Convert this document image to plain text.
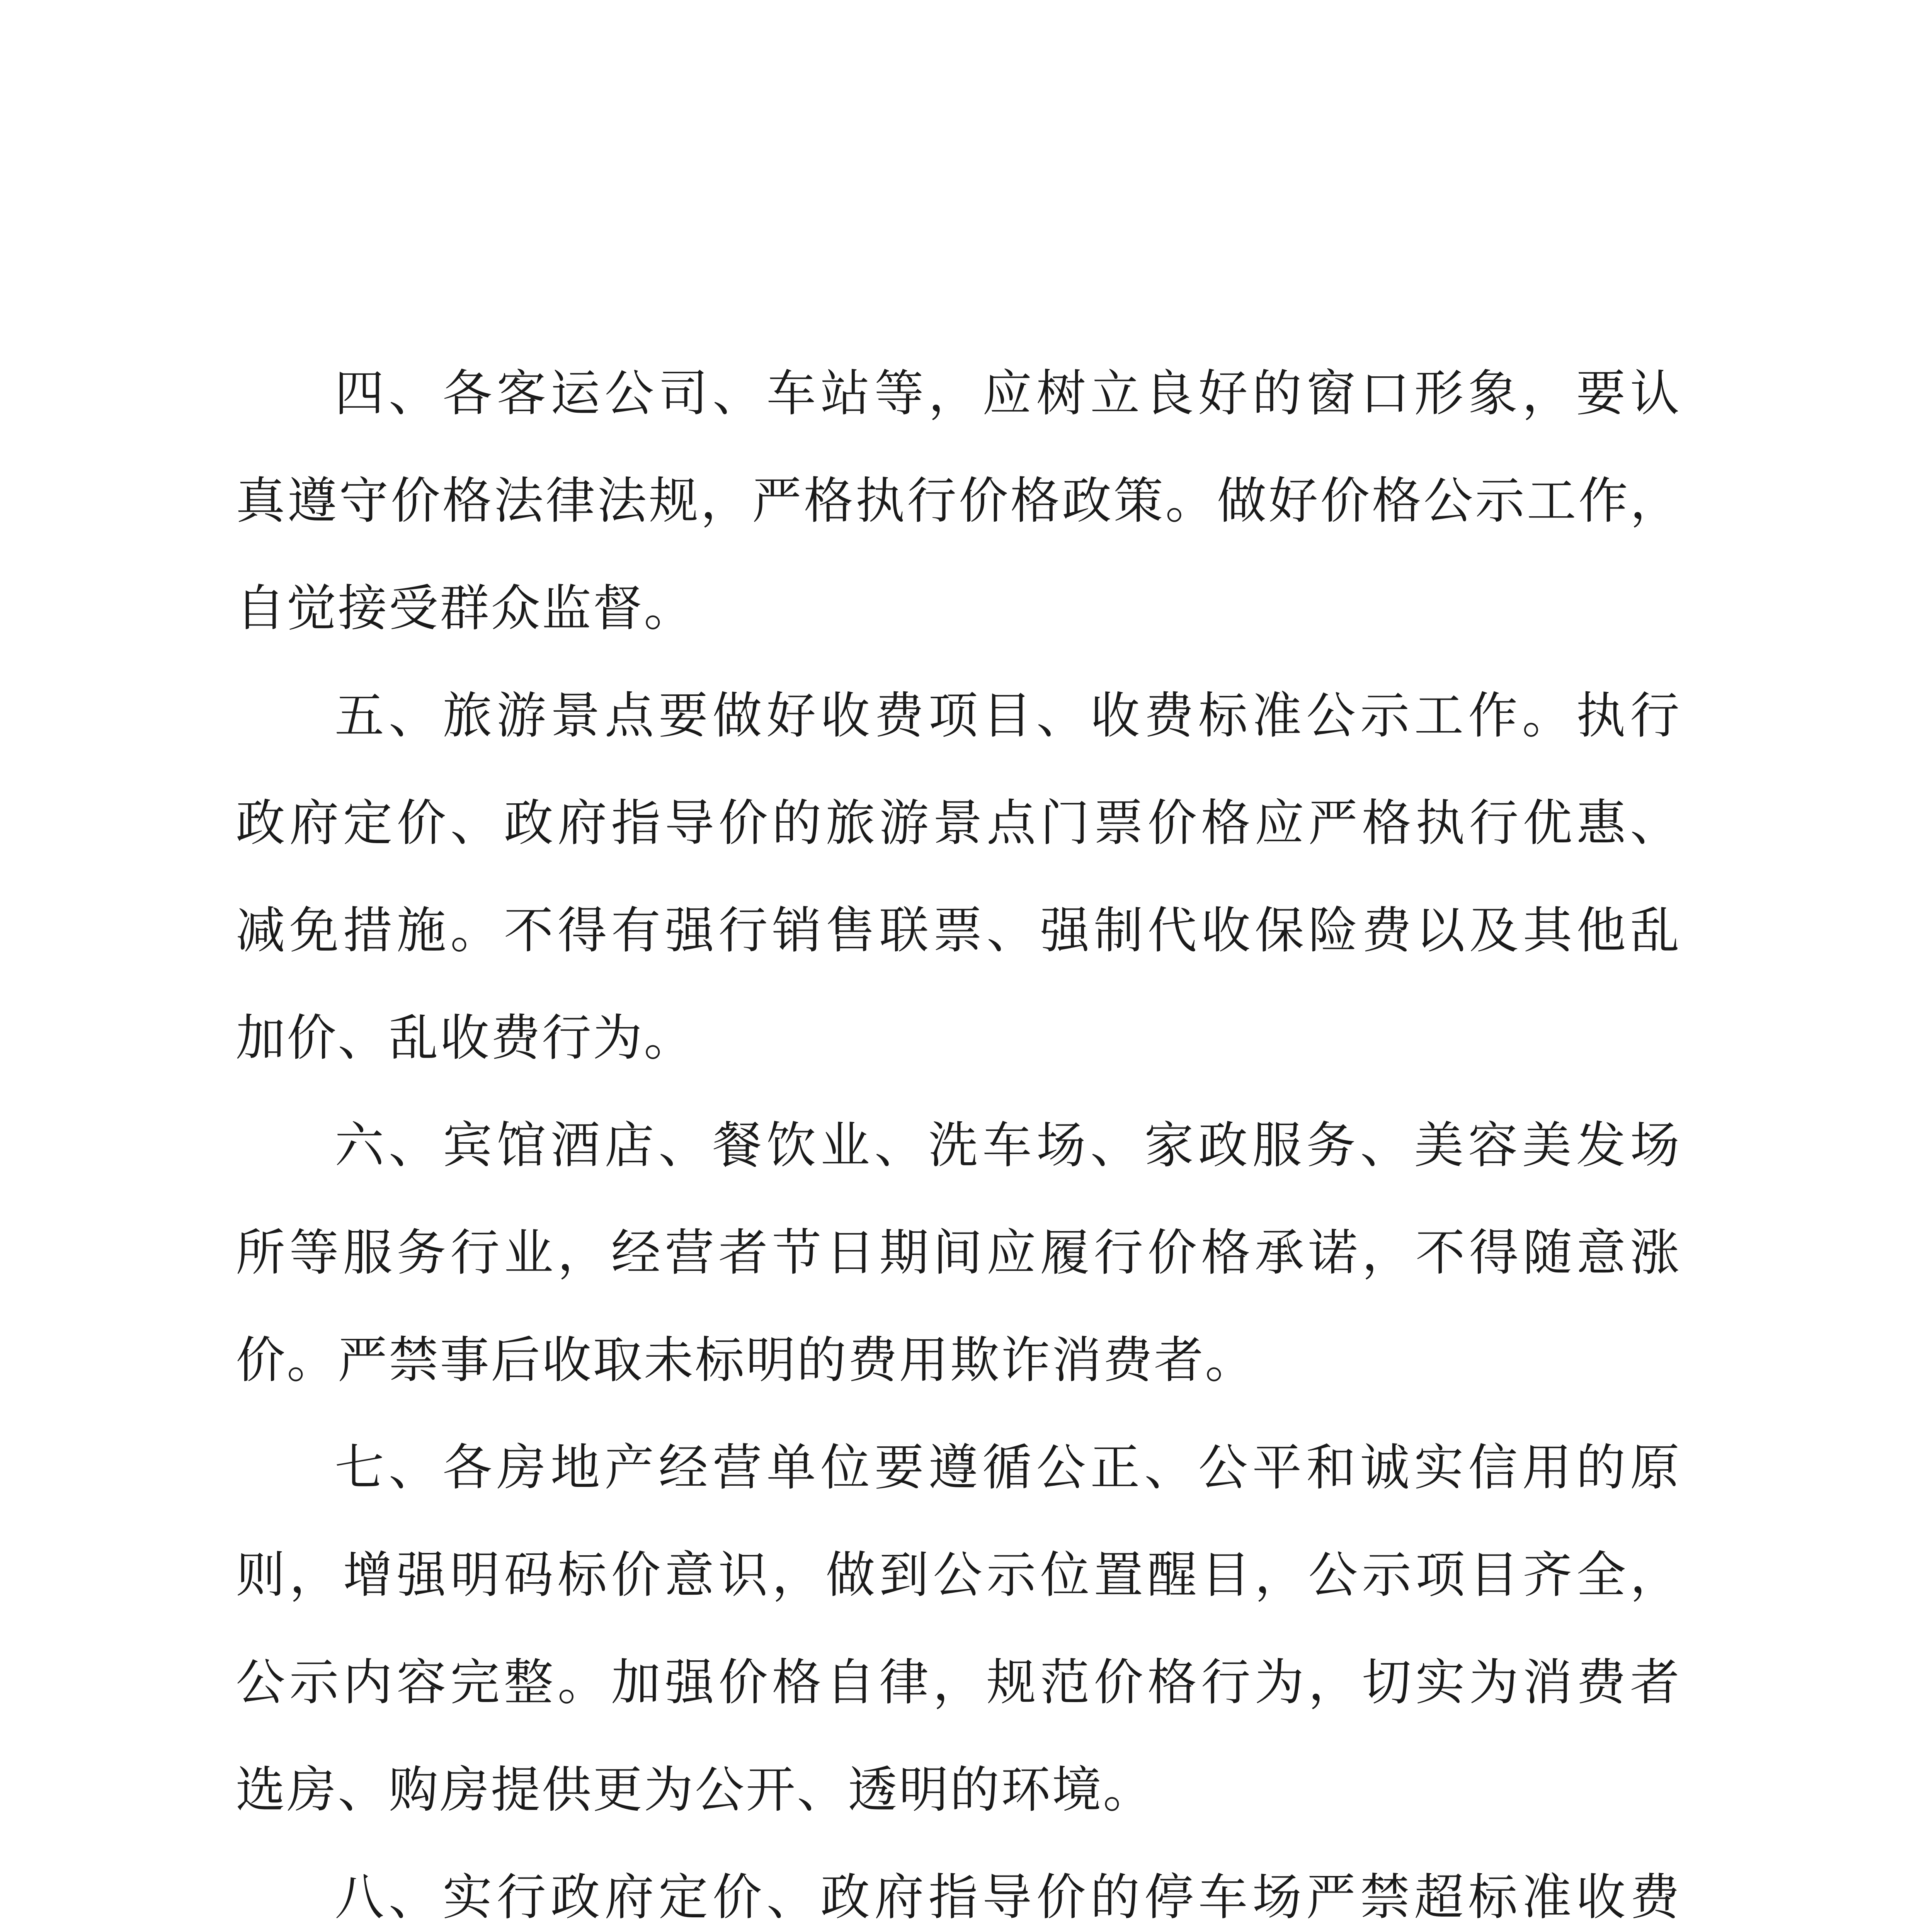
四、各客运公司、车站等，应树立良好的窗口形象，要认
真遵守价格法律法规，严格执行价格政策。做好价格公示工作，
自觉接受群众监督。

五、旅游景点要做好收费项目、收费标准公示工作。执行
政府定价、政府指导价的旅游景点门票价格应严格执行优惠、
减免措施。不得有强行销售联票、强制代收保险费以及其他乱
加价、乱收费行为。

六、宾馆酒店、餐饮业、洗车场、家政服务、美容美发场
所等服务行业，经营者节日期间应履行价格承诺，不得随意涨
价。严禁事后收取未标明的费用欺诈消费者。

七、各房地产经营单位要遵循公正、公平和诚实信用的原
则，增强明码标价意识，做到公示位置醒目，公示项目齐全，
公示内容完整。加强价格自律，规范价格行为，切实为消费者
选房、购房提供更为公开、透明的环境。

八、实行政府定价、政府指导价的停车场严禁超标准收费
